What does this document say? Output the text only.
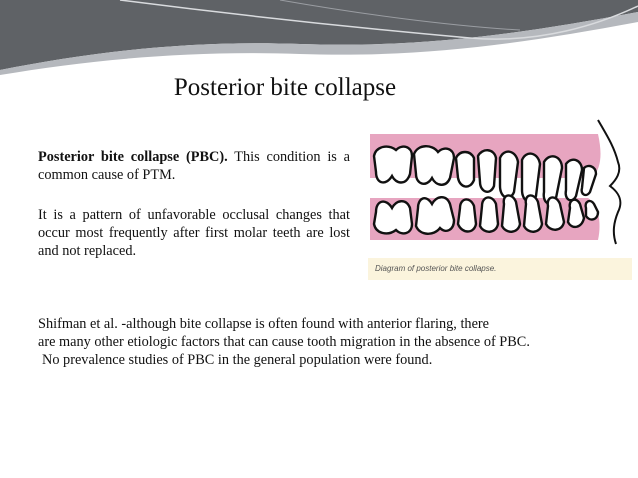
Posterior bite collapse
Posterior bite collapse (PBC). This condition is a common cause of PTM.
It is a pattern of unfavorable occlusal changes that occur most frequently after first molar teeth are lost and not replaced.
Diagram of posterior bite collapse.
Shifman et al. -although bite collapse is often found with anterior flaring, there
are many other etiologic factors that can cause tooth migration in the absence of PBC.
No prevalence studies of PBC in the general population were found.
